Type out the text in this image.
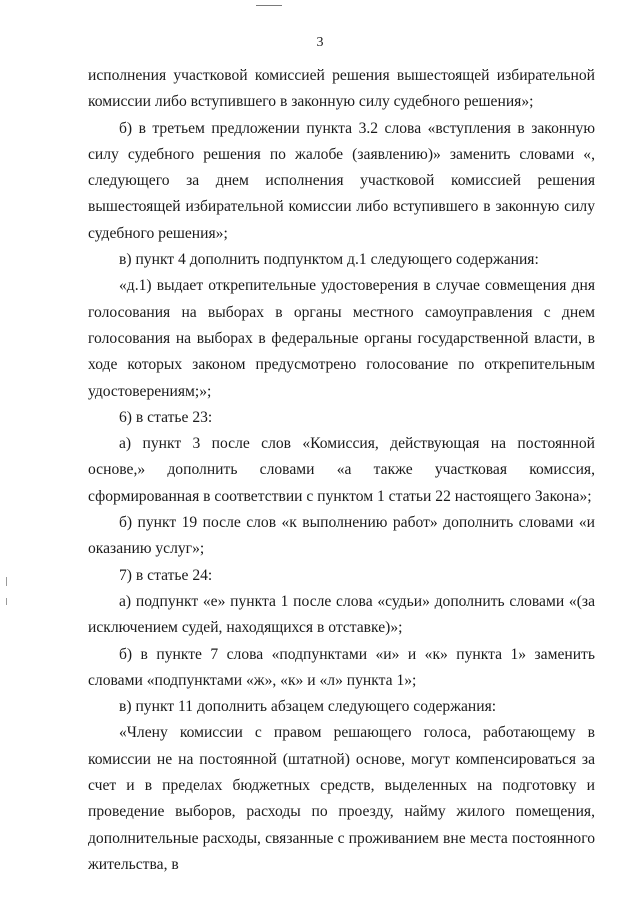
3

исполнения участковой комиссией решения вышестоящей избирательной комиссии либо вступившего в законную силу судебного решения»;

б) в третьем предложении пункта 3.2 слова «вступления в законную силу судебного решения по жалобе (заявлению)» заменить словами «, следующего за днем исполнения участковой комиссией решения вышестоящей избирательной комиссии либо вступившего в законную силу судебного решения»;

в) пункт 4 дополнить подпунктом д.1 следующего содержания:

«д.1) выдает открепительные удостоверения в случае совмещения дня голосования на выборах в органы местного самоуправления с днем голосования на выборах в федеральные органы государственной власти, в ходе которых законом предусмотрено голосование по открепительным удостоверениям;»;

6) в статье 23:

а) пункт 3 после слов «Комиссия, действующая на постоянной основе,» дополнить словами «а также участковая комиссия, сформированная в соответствии с пунктом 1 статьи 22 настоящего Закона»;

б) пункт 19 после слов «к выполнению работ» дополнить словами «и оказанию услуг»;

7) в статье 24:

а) подпункт «е» пункта 1 после слова «судьи» дополнить словами «(за исключением судей, находящихся в отставке)»;

б) в пункте 7 слова «подпунктами «и» и «к» пункта 1» заменить словами «подпунктами «ж», «к» и «л» пункта 1»;

в) пункт 11 дополнить абзацем следующего содержания:

«Члену комиссии с правом решающего голоса, работающему в комиссии не на постоянной (штатной) основе, могут компенсироваться за счет и в пределах бюджетных средств, выделенных на подготовку и проведение выборов, расходы по проезду, найму жилого помещения, дополнительные расходы, связанные с проживанием вне места постоянного жительства, в
